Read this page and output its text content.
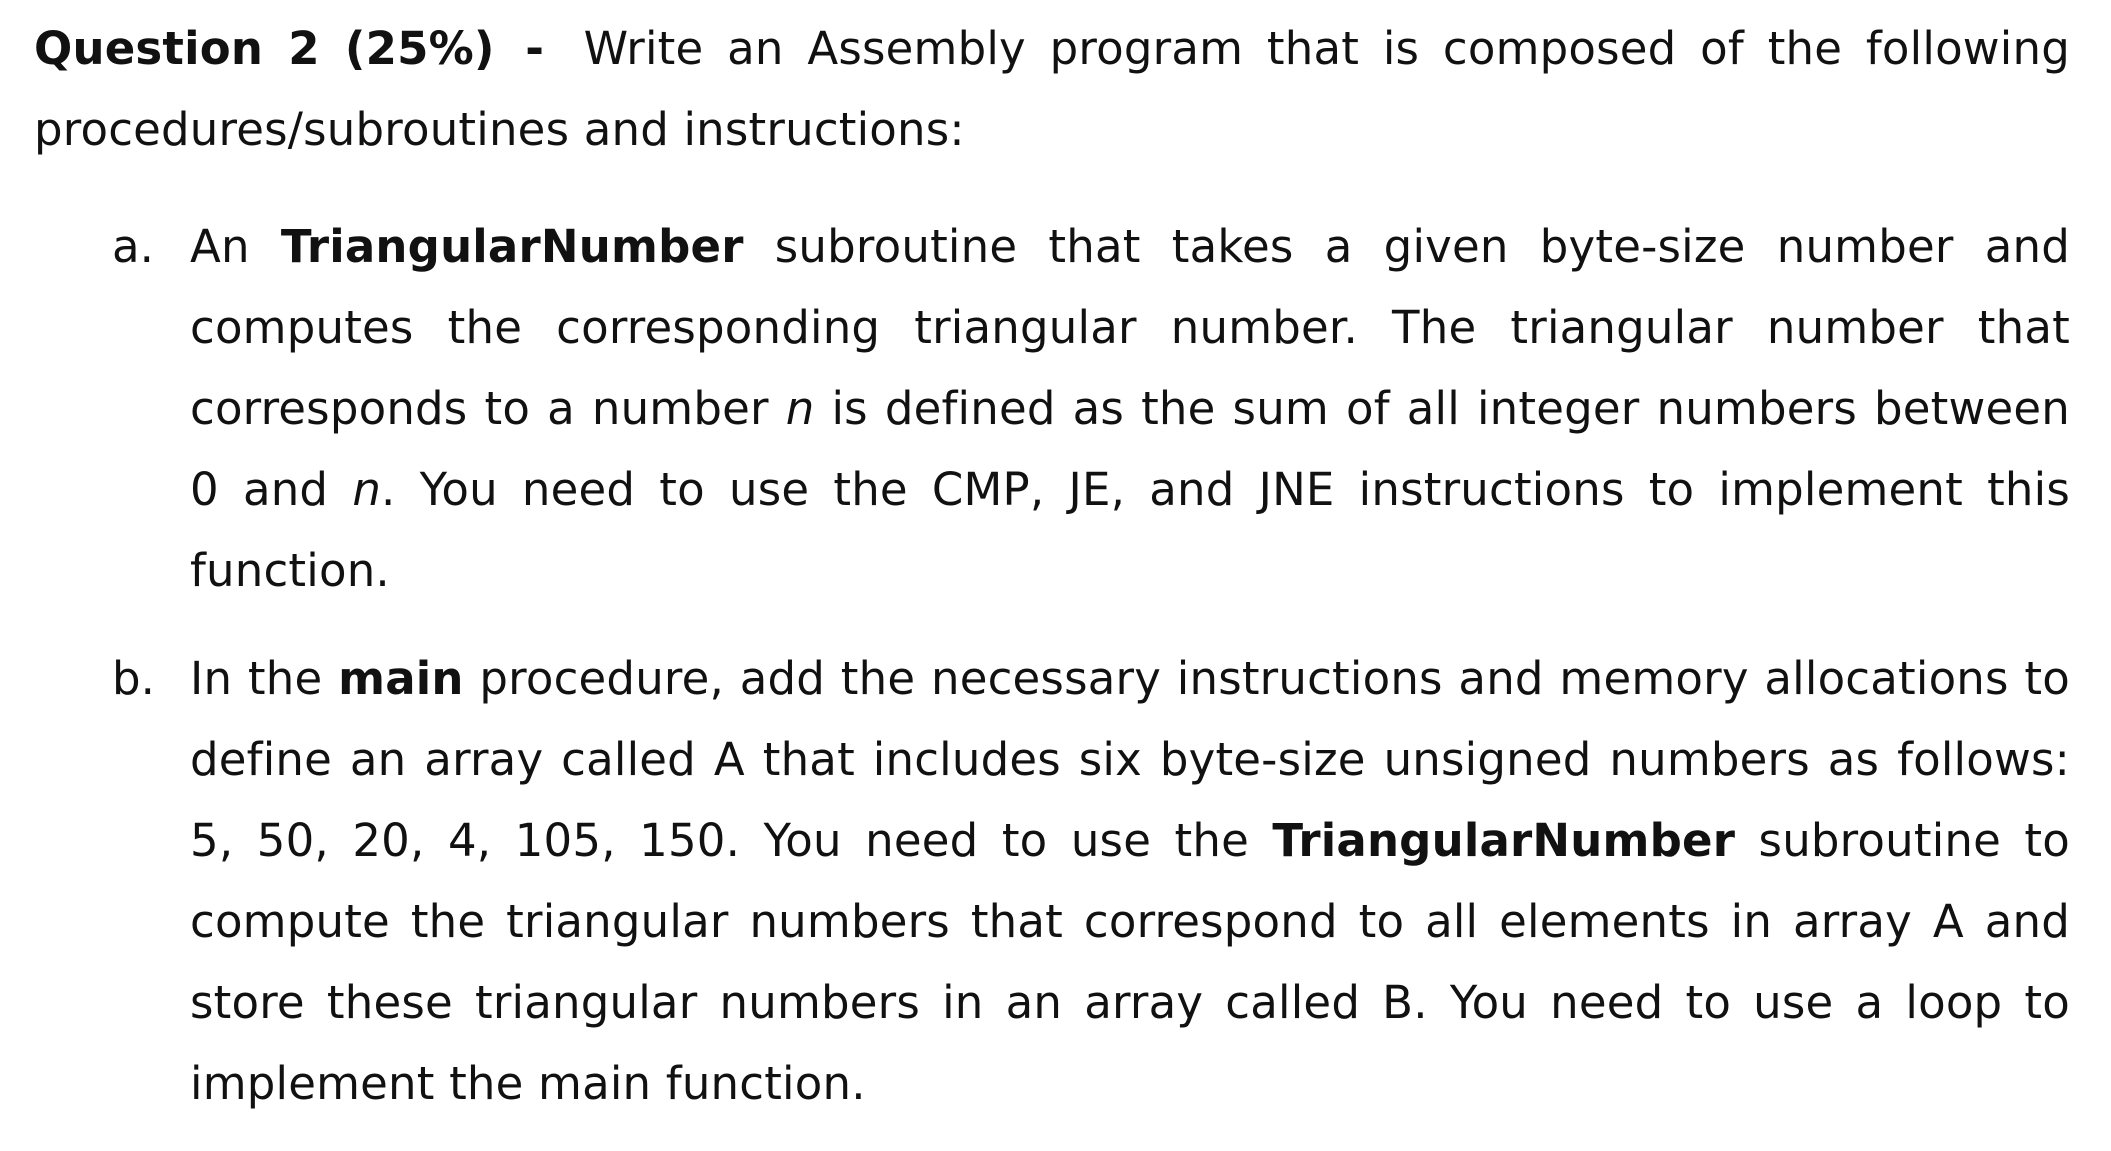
Question 2 (25%) - Write an Assembly program that is composed of the following procedures/subroutines and instructions:

a. An TriangularNumber subroutine that takes a given byte-size number and computes the corresponding triangular number. The triangular number that corresponds to a number n is defined as the sum of all integer numbers between 0 and n. You need to use the CMP, JE, and JNE instructions to implement this function.
b. In the main procedure, add the necessary instructions and memory allocations to define an array called A that includes six byte-size unsigned numbers as follows: 5, 50, 20, 4, 105, 150. You need to use the TriangularNumber subroutine to compute the triangular numbers that correspond to all elements in array A and store these triangular numbers in an array called B. You need to use a loop to implement the main function.
